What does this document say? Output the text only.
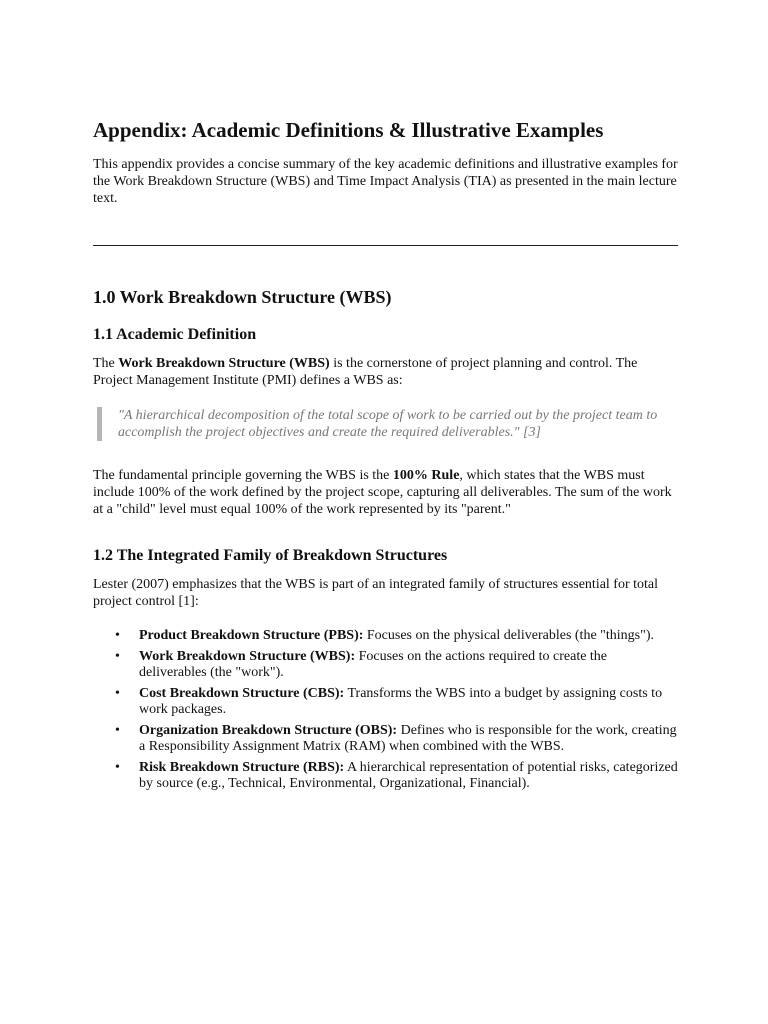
Appendix: Academic Definitions & Illustrative Examples

This appendix provides a concise summary of the key academic definitions and illustrative examples for the Work Breakdown Structure (WBS) and Time Impact Analysis (TIA) as presented in the main lecture text.

1.0 Work Breakdown Structure (WBS)
1.1 Academic Definition

The Work Breakdown Structure (WBS) is the cornerstone of project planning and control. The Project Management Institute (PMI) defines a WBS as:

"A hierarchical decomposition of the total scope of work to be carried out by the project team to accomplish the project objectives and create the required deliverables." [3]

The fundamental principle governing the WBS is the 100% Rule, which states that the WBS must include 100% of the work defined by the project scope, capturing all deliverables. The sum of the work at a "child" level must equal 100% of the work represented by its "parent."

1.2 The Integrated Family of Breakdown Structures

Lester (2007) emphasizes that the WBS is part of an integrated family of structures essential for total project control [1]:

• Product Breakdown Structure (PBS): Focuses on the physical deliverables (the "things").
• Work Breakdown Structure (WBS): Focuses on the actions required to create the deliverables (the "work").
• Cost Breakdown Structure (CBS): Transforms the WBS into a budget by assigning costs to work packages.
• Organization Breakdown Structure (OBS): Defines who is responsible for the work, creating a Responsibility Assignment Matrix (RAM) when combined with the WBS.
• Risk Breakdown Structure (RBS): A hierarchical representation of potential risks, categorized by source (e.g., Technical, Environmental, Organizational, Financial).
